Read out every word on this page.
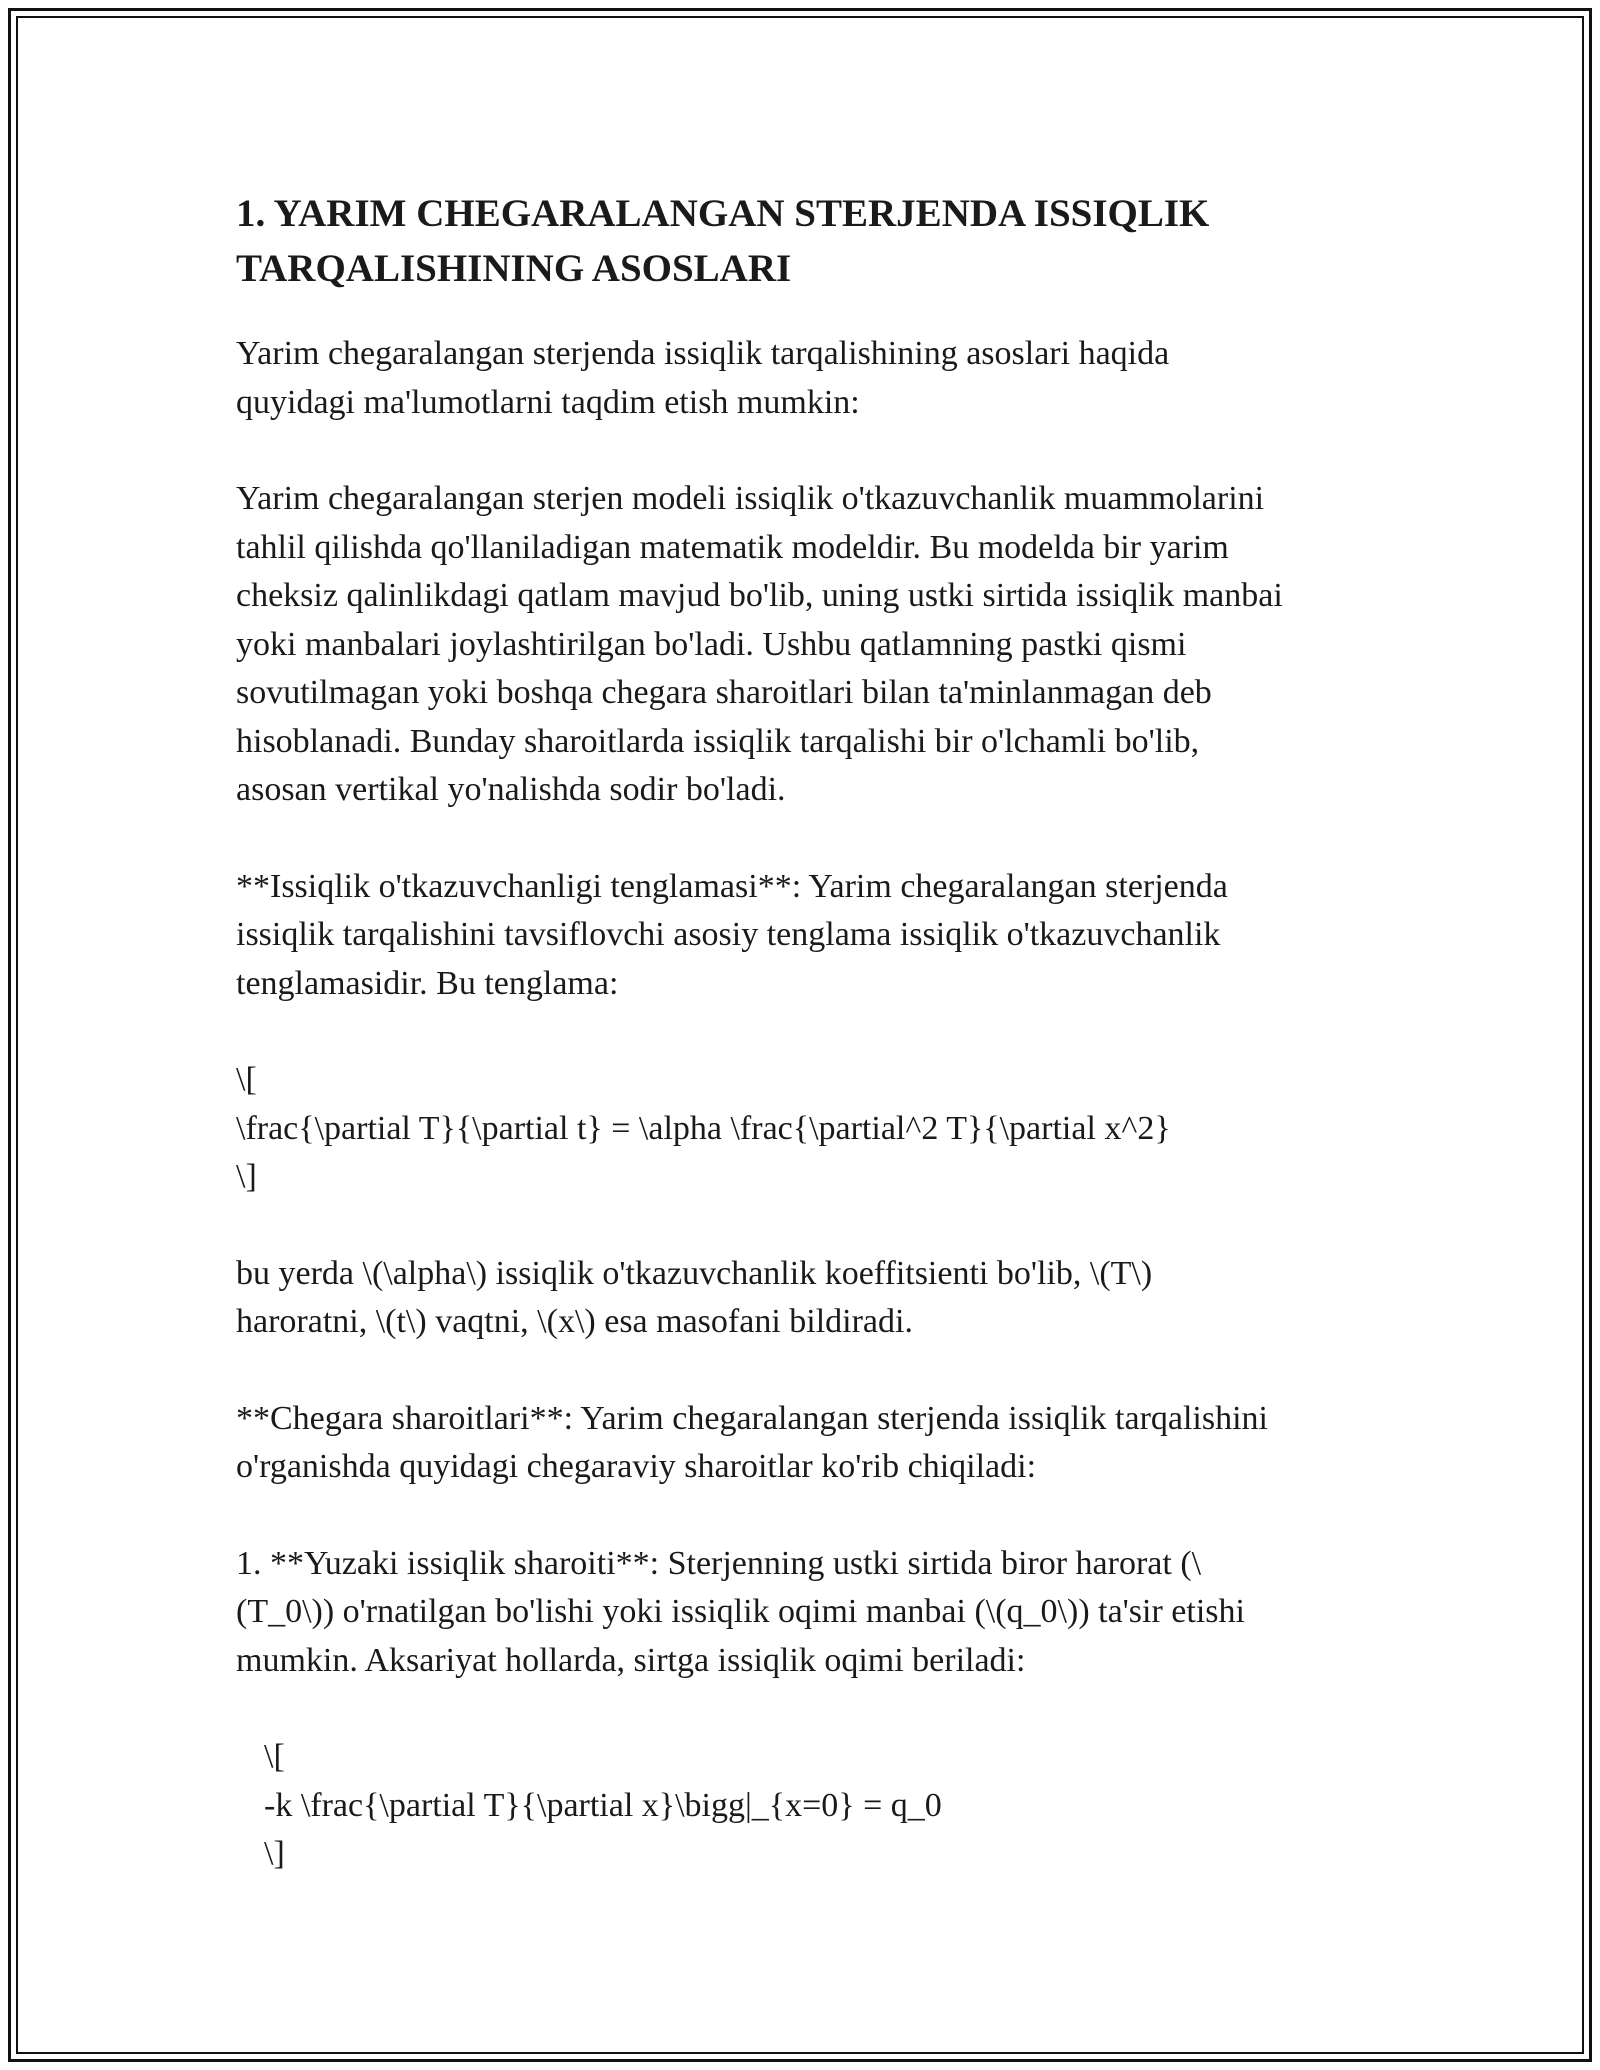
1. YARIM CHEGARALANGAN STERJENDA ISSIQLIK
TARQALISHINING ASOSLARI
Yarim chegaralangan sterjenda issiqlik tarqalishining asoslari haqida
quyidagi ma'lumotlarni taqdim etish mumkin:
Yarim chegaralangan sterjen modeli issiqlik o'tkazuvchanlik muammolarini
tahlil qilishda qo'llaniladigan matematik modeldir. Bu modelda bir yarim
cheksiz qalinlikdagi qatlam mavjud bo'lib, uning ustki sirtida issiqlik manbai
yoki manbalari joylashtirilgan bo'ladi. Ushbu qatlamning pastki qismi
sovutilmagan yoki boshqa chegara sharoitlari bilan ta'minlanmagan deb
hisoblanadi. Bunday sharoitlarda issiqlik tarqalishi bir o'lchamli bo'lib,
asosan vertikal yo'nalishda sodir bo'ladi.
**Issiqlik o'tkazuvchanligi tenglamasi**: Yarim chegaralangan sterjenda
issiqlik tarqalishini tavsiflovchi asosiy tenglama issiqlik o'tkazuvchanlik
tenglamasidir. Bu tenglama:
\[
\frac{\partial T}{\partial t} = \alpha \frac{\partial^2 T}{\partial x^2}
\]
bu yerda \(\alpha\) issiqlik o'tkazuvchanlik koeffitsienti bo'lib, \(T\)
haroratni, \(t\) vaqtni, \(x\) esa masofani bildiradi.
**Chegara sharoitlari**: Yarim chegaralangan sterjenda issiqlik tarqalishini
o'rganishda quyidagi chegaraviy sharoitlar ko'rib chiqiladi:
1. **Yuzaki issiqlik sharoiti**: Sterjenning ustki sirtida biror harorat (\
(T_0\)) o'rnatilgan bo'lishi yoki issiqlik oqimi manbai (\(q_0\)) ta'sir etishi
mumkin. Aksariyat hollarda, sirtga issiqlik oqimi beriladi:
\[
-k \frac{\partial T}{\partial x}\bigg|_{x=0} = q_0
\]
